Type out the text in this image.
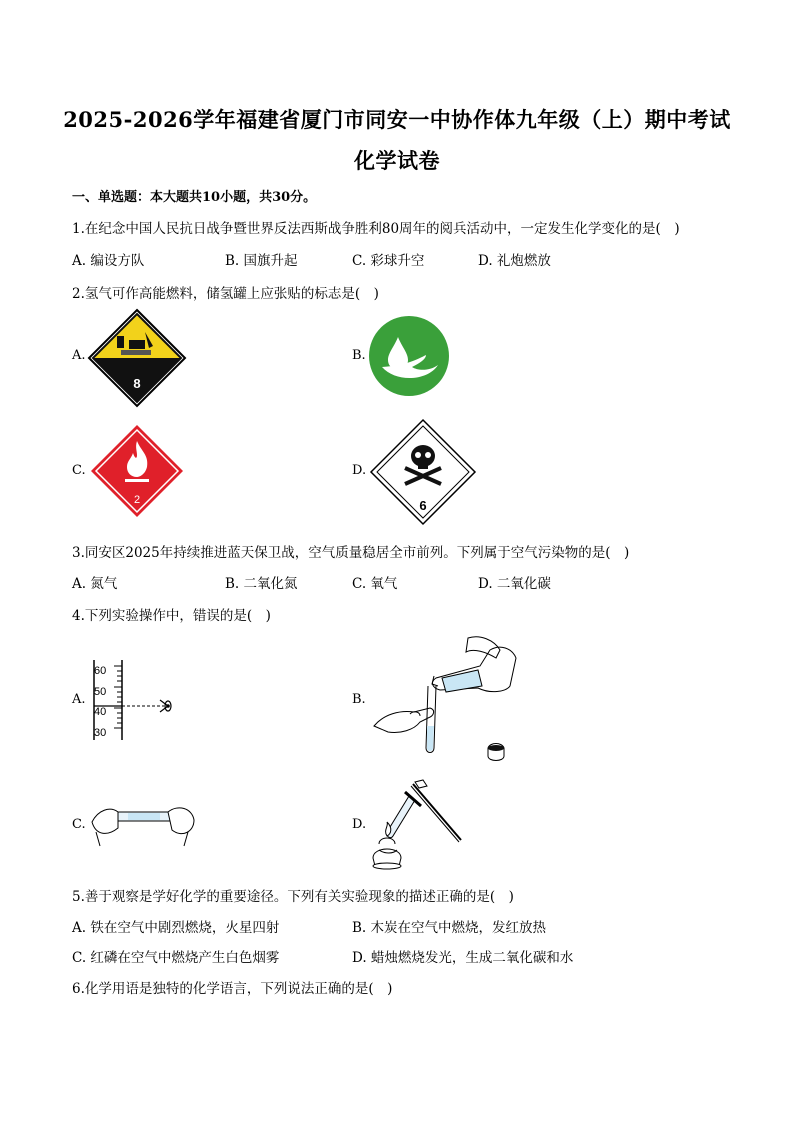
2025-2026学年福建省厦门市同安一中协作体九年级（上）期中考试
化学试卷
一、单选题：本大题共10小题，共30分。
1.在纪念中国人民抗日战争暨世界反法西斯战争胜利80周年的阅兵活动中，一定发生化学变化的是(　)
A. 编设方队	B. 国旗升起	C. 彩球升空	D. 礼炮燃放
2.氢气可作高能燃料，储氢罐上应张贴的标志是(　)
A.
8
B.
C.
2
D.
6
3.同安区2025年持续推进蓝天保卫战，空气质量稳居全市前列。下列属于空气污染物的是(　)
A. 氮气	B. 二氧化氮	C. 氧气	D. 二氧化碳
4.下列实验操作中，错误的是(　)
A.
60
50
40
30
B.
C.	D.
5.善于观察是学好化学的重要途径。下列有关实验现象的描述正确的是(　)
A. 铁在空气中剧烈燃烧，火星四射	B. 木炭在空气中燃烧，发红放热
C. 红磷在空气中燃烧产生白色烟雾	D. 蜡烛燃烧发光，生成二氧化碳和水
6.化学用语是独特的化学语言，下列说法正确的是(　)
